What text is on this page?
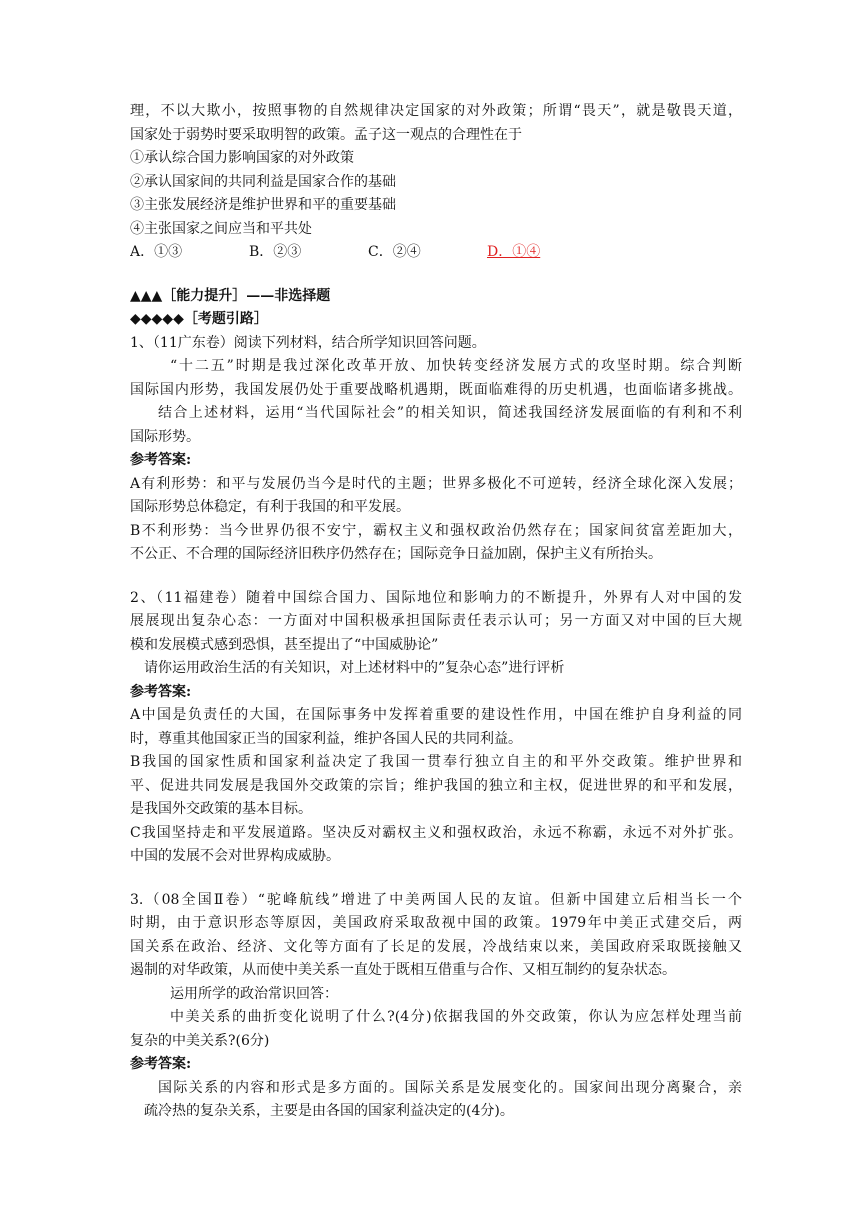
理，不以大欺小，按照事物的自然规律决定国家的对外政策；所谓“畏天”，就是敬畏天道，
国家处于弱势时要采取明智的政策。孟子这一观点的合理性在于
①承认综合国力影响国家的对外政策
②承认国家间的共同利益是国家合作的基础
③主张发展经济是维护世界和平的重要基础
④主张国家之间应当和平共处
A．①③	B．②③	C．②④	D．①④
▲▲▲［能力提升］——非选择题
◆◆◆◆◆［考题引路］
1、（11广东卷）阅读下列材料，结合所学知识回答问题。
“十二五”时期是我过深化改革开放、加快转变经济发展方式的攻坚时期。综合判断
国际国内形势，我国发展仍处于重要战略机遇期，既面临难得的历史机遇，也面临诸多挑战。
结合上述材料，运用“当代国际社会”的相关知识，简述我国经济发展面临的有利和不利
国际形势。
参考答案:
A有利形势：和平与发展仍当今是时代的主题；世界多极化不可逆转，经济全球化深入发展；
国际形势总体稳定，有利于我国的和平发展。
B不利形势：当今世界仍很不安宁，霸权主义和强权政治仍然存在；国家间贫富差距加大，
不公正、不合理的国际经济旧秩序仍然存在；国际竞争日益加剧，保护主义有所抬头。
2、（11福建卷）随着中国综合国力、国际地位和影响力的不断提升，外界有人对中国的发
展展现出复杂心态：一方面对中国积极承担国际责任表示认可；另一方面又对中国的巨大规
模和发展模式感到恐惧，甚至提出了“中国威胁论”
请你运用政治生活的有关知识，对上述材料中的”复杂心态”进行评析
参考答案:
A中国是负责任的大国，在国际事务中发挥着重要的建设性作用，中国在维护自身利益的同
时，尊重其他国家正当的国家利益，维护各国人民的共同利益。
B我国的国家性质和国家利益决定了我国一贯奉行独立自主的和平外交政策。维护世界和
平、促进共同发展是我国外交政策的宗旨；维护我国的独立和主权，促进世界的和平和发展，
是我国外交政策的基本目标。
C我国坚持走和平发展道路。坚决反对霸权主义和强权政治，永远不称霸，永远不对外扩张。
中国的发展不会对世界构成威胁。
3.（08全国Ⅱ卷）“驼峰航线”增进了中美两国人民的友谊。但新中国建立后相当长一个
时期，由于意识形态等原因，美国政府采取敌视中国的政策。1979年中美正式建交后，两
国关系在政治、经济、文化等方面有了长足的发展，冷战结束以来，美国政府采取既接触又
遏制的对华政策，从而使中美关系一直处于既相互借重与合作、又相互制约的复杂状态。
运用所学的政治常识回答：
中美关系的曲折变化说明了什么?(4分)依据我国的外交政策，你认为应怎样处理当前
复杂的中美关系?(6分)
参考答案:
国际关系的内容和形式是多方面的。国际关系是发展变化的。国家间出现分离聚合，亲
疏冷热的复杂关系，主要是由各国的国家利益决定的(4分)。
